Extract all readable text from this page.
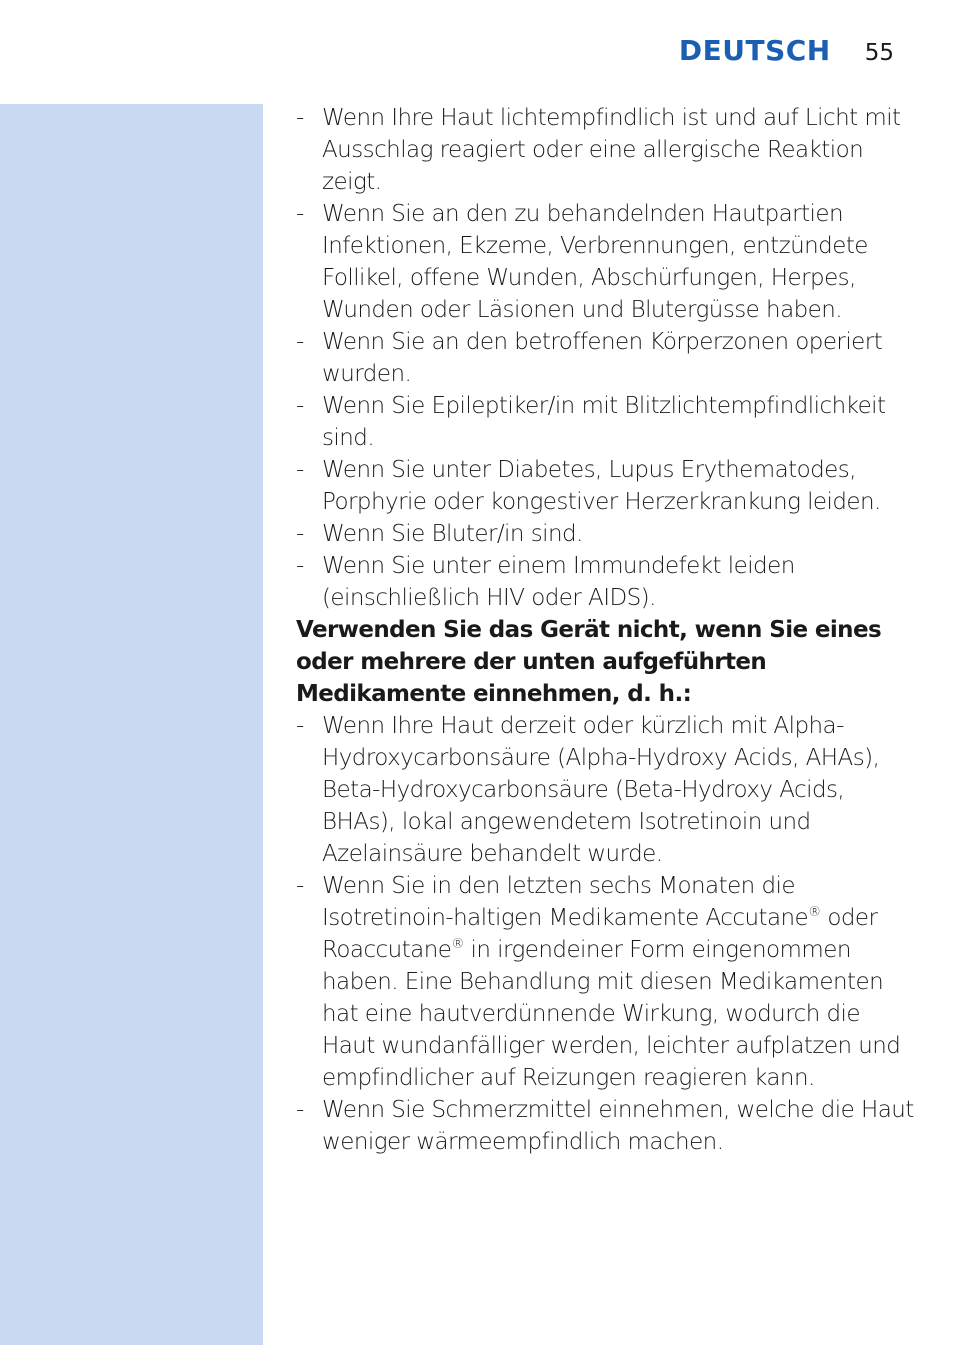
DEUTSCH 55
- Wenn Ihre Haut lichtempfindlich ist und auf Licht mit Ausschlag reagiert oder eine allergische Reaktion zeigt.
- Wenn Sie an den zu behandelnden Hautpartien Infektionen, Ekzeme, Verbrennungen, entzündete Follikel, offene Wunden, Abschürfungen, Herpes, Wunden oder Läsionen und Blutergüsse haben.
- Wenn Sie an den betroffenen Körperzonen operiert wurden.
- Wenn Sie Epileptiker/in mit Blitzlichtempfindlichkeit sind.
- Wenn Sie unter Diabetes, Lupus Erythematodes, Porphyrie oder kongestiver Herzerkrankung leiden.
- Wenn Sie Bluter/in sind.
- Wenn Sie unter einem Immundefekt leiden (einschließlich HIV oder AIDS).
Verwenden Sie das Gerät nicht, wenn Sie eines oder mehrere der unten aufgeführten Medikamente einnehmen, d. h.:
- Wenn Ihre Haut derzeit oder kürzlich mit Alpha-Hydroxycarbonsäure (Alpha-Hydroxy Acids, AHAs), Beta-Hydroxycarbonsäure (Beta-Hydroxy Acids, BHAs), lokal angewendetem Isotretinoin und Azelainsäure behandelt wurde.
- Wenn Sie in den letzten sechs Monaten die Isotretinoin-haltigen Medikamente Accutane® oder Roaccutane® in irgendeiner Form eingenommen haben. Eine Behandlung mit diesen Medikamenten hat eine hautverdünnende Wirkung, wodurch die Haut wundanfälliger werden, leichter aufplatzen und empfindlicher auf Reizungen reagieren kann.
- Wenn Sie Schmerzmittel einnehmen, welche die Haut weniger wärmeempfindlich machen.
